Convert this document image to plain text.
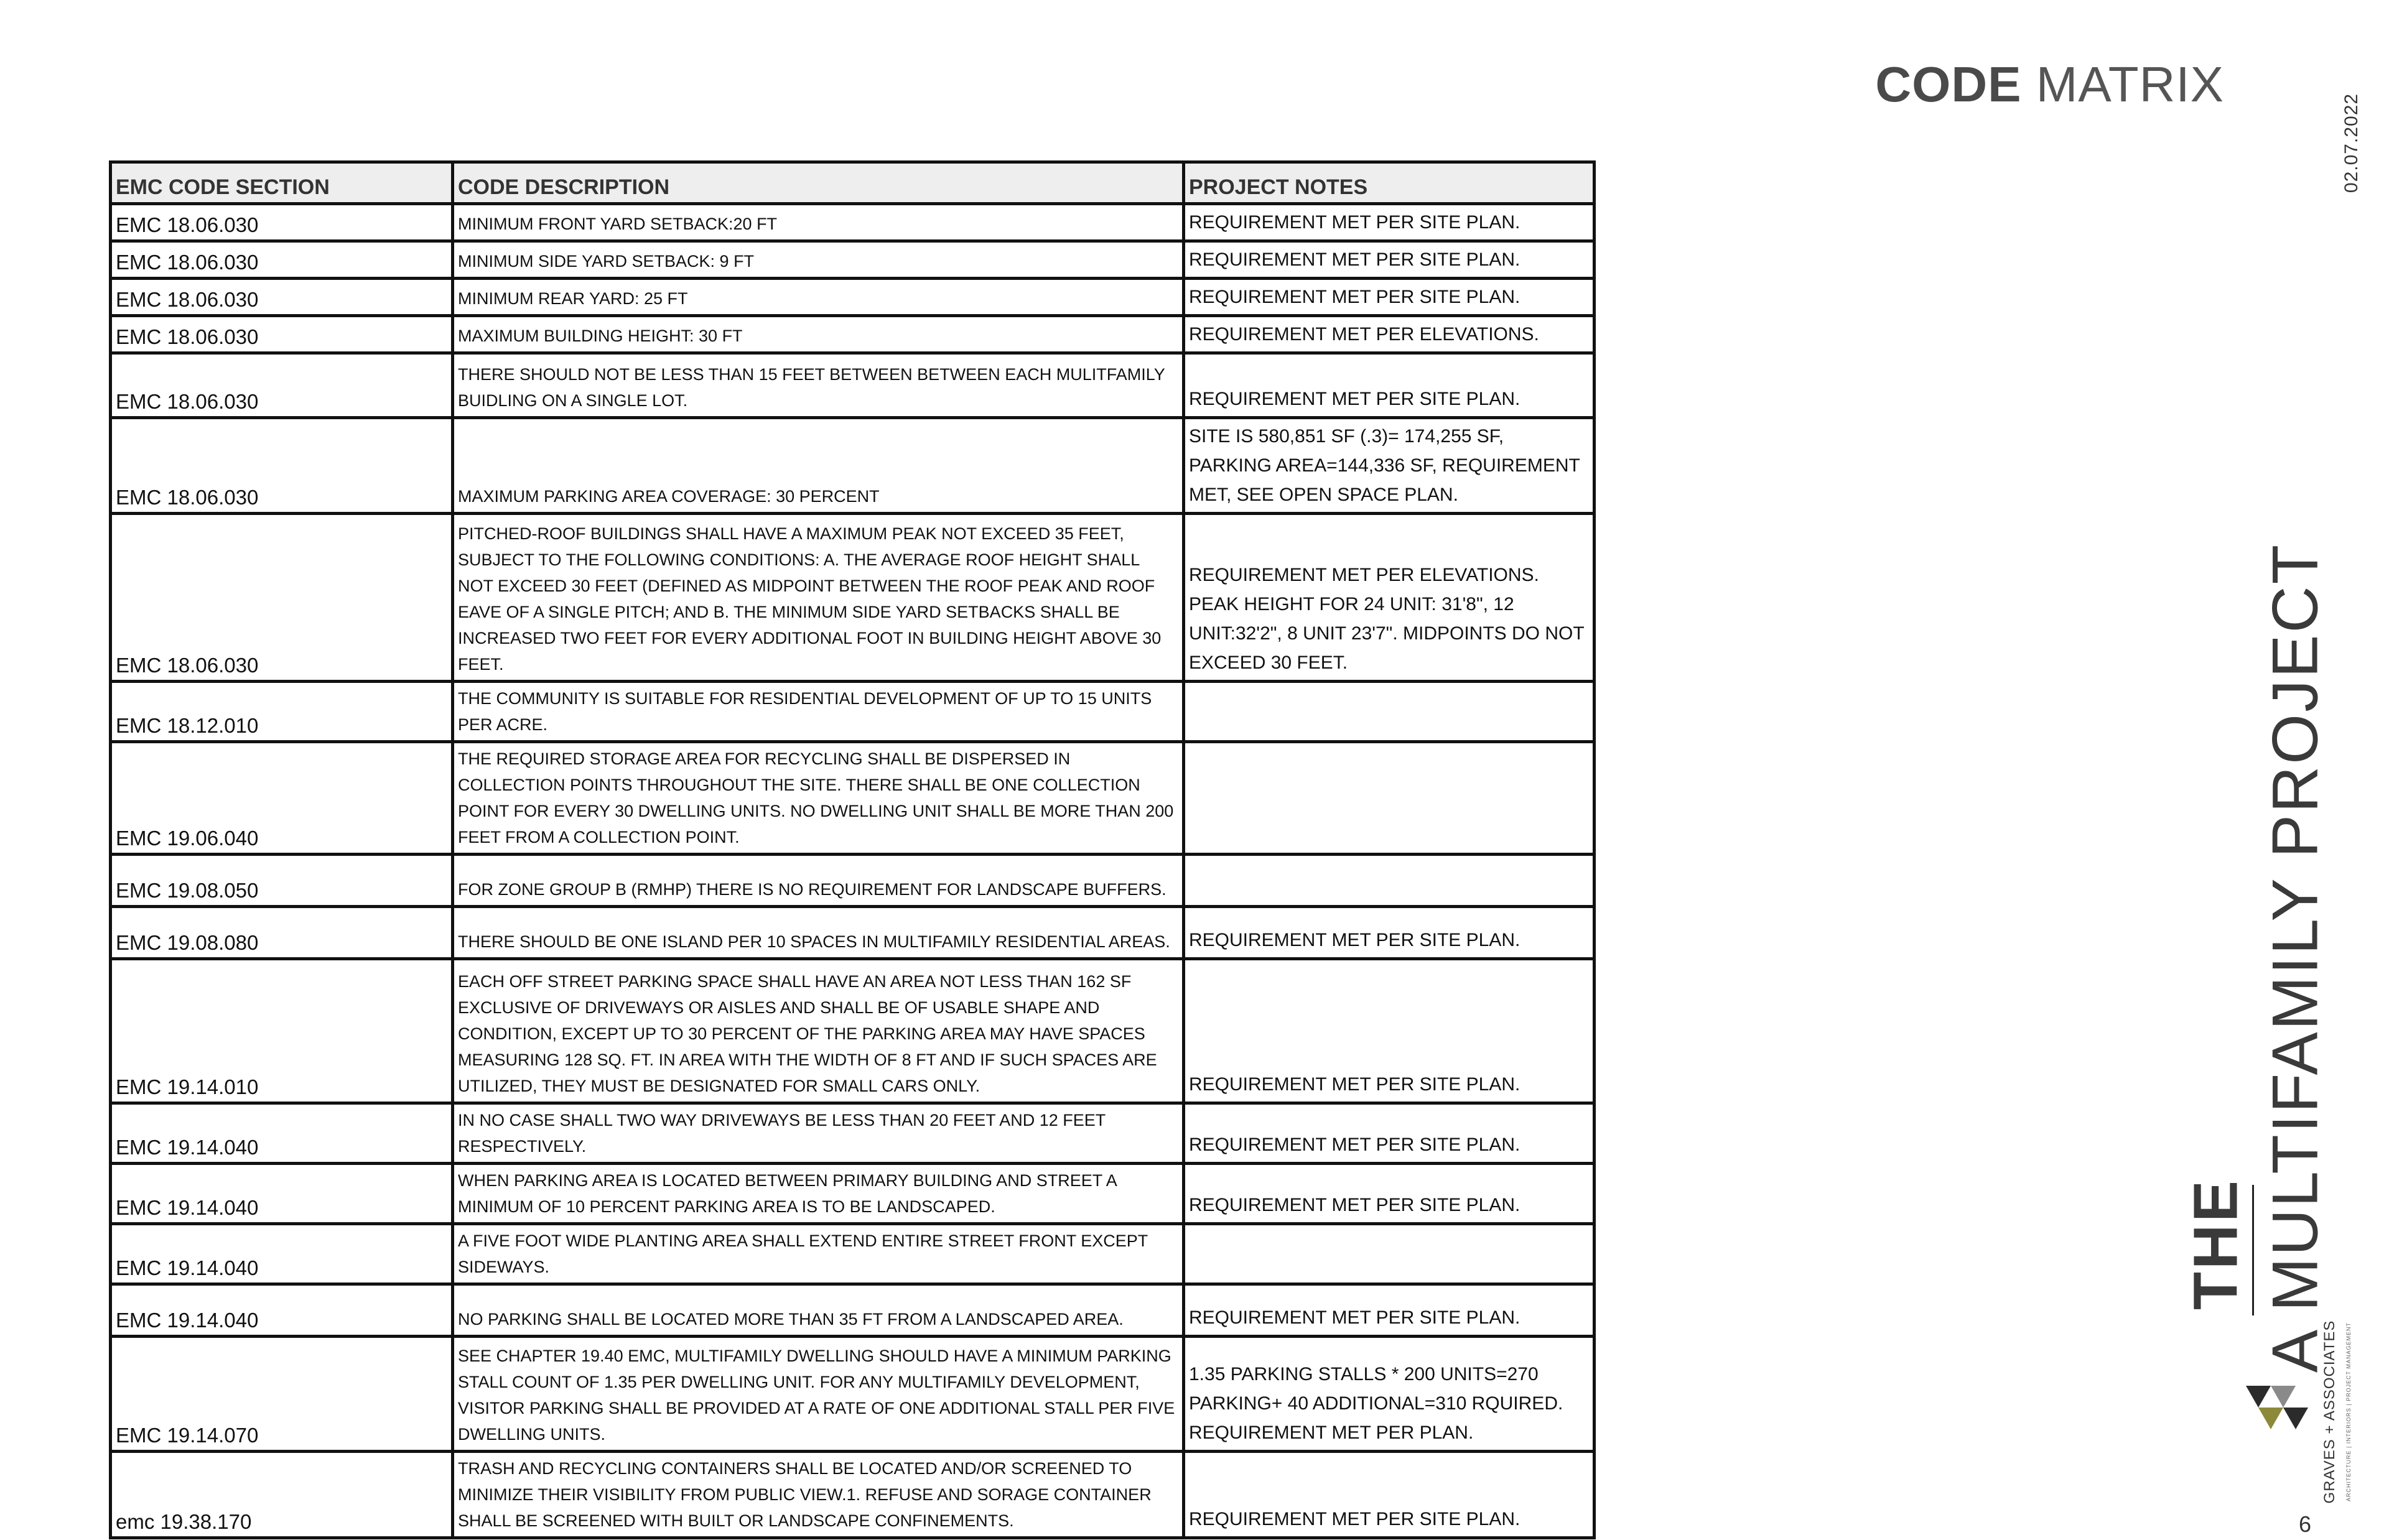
CODE MATRIX
02.07.2022
EMC CODE SECTION	CODE DESCRIPTION	PROJECT NOTES
EMC 18.06.030	MINIMUM FRONT YARD SETBACK:20 FT	REQUIREMENT MET PER SITE PLAN.
EMC 18.06.030	MINIMUM SIDE YARD SETBACK: 9 FT	REQUIREMENT MET PER SITE PLAN.
EMC 18.06.030	MINIMUM REAR YARD: 25 FT	REQUIREMENT MET PER SITE PLAN.
EMC 18.06.030	MAXIMUM BUILDING HEIGHT: 30 FT	REQUIREMENT MET PER ELEVATIONS.
EMC 18.06.030	THERE SHOULD NOT BE LESS THAN 15 FEET BETWEEN BETWEEN EACH MULITFAMILY BUIDLING ON A SINGLE LOT.	REQUIREMENT MET PER SITE PLAN.
EMC 18.06.030	MAXIMUM PARKING AREA COVERAGE: 30 PERCENT	SITE IS 580,851 SF (.3)= 174,255 SF, PARKING AREA=144,336 SF, REQUIREMENT MET, SEE OPEN SPACE PLAN.
EMC 18.06.030	PITCHED-ROOF BUILDINGS SHALL HAVE A MAXIMUM PEAK NOT EXCEED 35 FEET, SUBJECT TO THE FOLLOWING CONDITIONS: A. THE AVERAGE ROOF HEIGHT SHALL NOT EXCEED 30 FEET (DEFINED AS MIDPOINT BETWEEN THE ROOF PEAK AND ROOF EAVE OF A SINGLE PITCH; AND B. THE MINIMUM SIDE YARD SETBACKS SHALL BE INCREASED TWO FEET FOR EVERY ADDITIONAL FOOT IN BUILDING HEIGHT ABOVE 30 FEET.	REQUIREMENT MET PER ELEVATIONS. PEAK HEIGHT FOR 24 UNIT: 31'8", 12 UNIT:32'2", 8 UNIT 23'7". MIDPOINTS DO NOT EXCEED 30 FEET.
EMC 18.12.010	THE COMMUNITY IS SUITABLE FOR RESIDENTIAL DEVELOPMENT OF UP TO 15 UNITS PER ACRE.	
EMC 19.06.040	THE REQUIRED STORAGE AREA FOR RECYCLING SHALL BE DISPERSED IN COLLECTION POINTS THROUGHOUT THE SITE. THERE SHALL BE ONE COLLECTION POINT FOR EVERY 30 DWELLING UNITS. NO DWELLING UNIT SHALL BE MORE THAN 200 FEET FROM A COLLECTION POINT.	
EMC 19.08.050	FOR ZONE GROUP B (RMHP) THERE IS NO REQUIREMENT FOR LANDSCAPE BUFFERS.	
EMC 19.08.080	THERE SHOULD BE ONE ISLAND PER 10 SPACES IN MULTIFAMILY RESIDENTIAL AREAS.	REQUIREMENT MET PER SITE PLAN.
EMC 19.14.010	EACH OFF STREET PARKING SPACE SHALL HAVE AN AREA NOT LESS THAN 162 SF EXCLUSIVE OF DRIVEWAYS OR AISLES AND SHALL BE OF USABLE SHAPE AND CONDITION, EXCEPT UP TO 30 PERCENT OF THE PARKING AREA MAY HAVE SPACES MEASURING 128 SQ. FT. IN AREA WITH THE WIDTH OF 8 FT AND IF SUCH SPACES ARE UTILIZED, THEY MUST BE DESIGNATED FOR SMALL CARS ONLY.	REQUIREMENT MET PER SITE PLAN.
EMC 19.14.040	IN NO CASE SHALL TWO WAY DRIVEWAYS BE LESS THAN 20 FEET AND 12 FEET RESPECTIVELY.	REQUIREMENT MET PER SITE PLAN.
EMC 19.14.040	WHEN PARKING AREA IS LOCATED BETWEEN PRIMARY BUILDING AND STREET A MINIMUM OF 10 PERCENT PARKING AREA IS TO BE LANDSCAPED.	REQUIREMENT MET PER SITE PLAN.
EMC 19.14.040	A FIVE FOOT WIDE PLANTING AREA SHALL EXTEND ENTIRE STREET FRONT EXCEPT SIDEWAYS.	
EMC 19.14.040	NO PARKING SHALL BE LOCATED MORE THAN 35 FT FROM A LANDSCAPED AREA.	REQUIREMENT MET PER SITE PLAN.
EMC 19.14.070	SEE CHAPTER 19.40 EMC, MULTIFAMILY DWELLING SHOULD HAVE A MINIMUM PARKING STALL COUNT OF 1.35 PER DWELLING UNIT. FOR ANY MULTIFAMILY DEVELOPMENT, VISITOR PARKING SHALL BE PROVIDED AT A RATE OF ONE ADDITIONAL STALL PER FIVE DWELLING UNITS.	1.35 PARKING STALLS * 200 UNITS=270 PARKING+ 40 ADDITIONAL=310 RQUIRED. REQUIREMENT MET PER PLAN.
emc 19.38.170	TRASH AND RECYCLING CONTAINERS SHALL BE LOCATED AND/OR SCREENED TO MINIMIZE THEIR VISIBILITY FROM PUBLIC VIEW.1. REFUSE AND SORAGE CONTAINER SHALL BE SCREENED WITH BUILT OR LANDSCAPE CONFINEMENTS.	REQUIREMENT MET PER SITE PLAN.
A MULTIFAMILY PROJECT
THE
GRAVES + ASSOCIATES ARCHITECTURE | INTERIORS | PROJECT MANAGEMENT
6
